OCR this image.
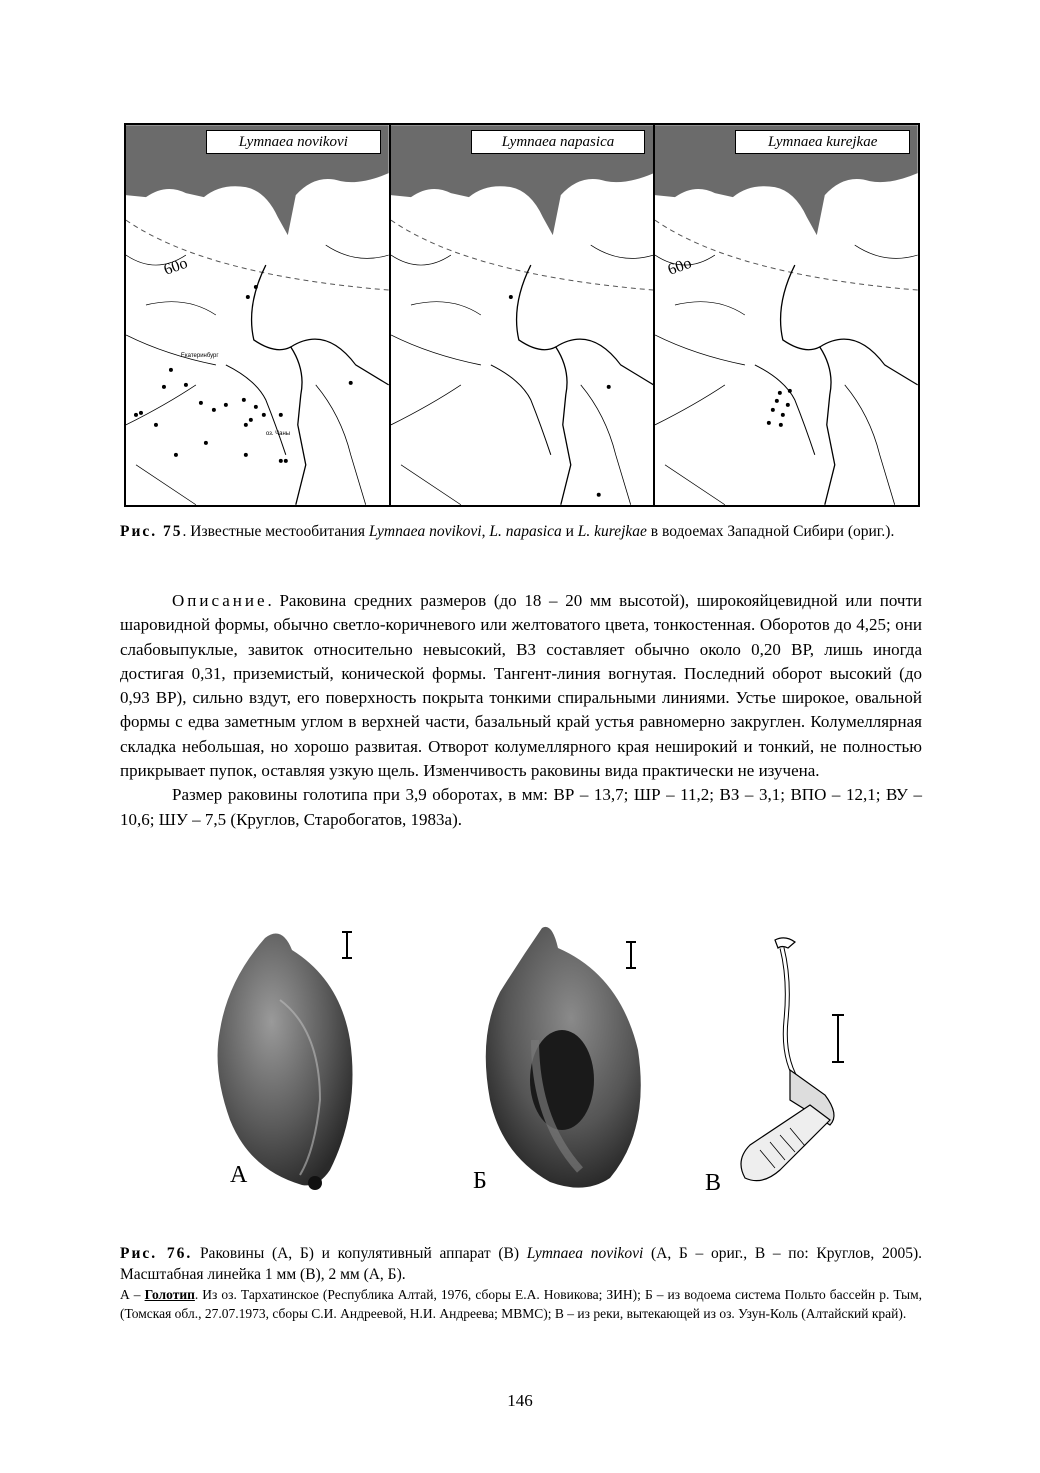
60о
Екатеринбург
оз. Чаны
Lymnaea novikovi	Lymnaea napasica
60о
Lymnaea kurejkae
Рис. 75. Известные местообитания Lymnaea novikovi, L. napasica и L. kurejkae в водоемах Западной Сибири (ориг.).

Описание. Раковина средних размеров (до 18 – 20 мм высотой), широкояйцевидной или почти шаровидной формы, обычно светло-коричневого или желтоватого цвета, тонкостенная. Оборотов до 4,25; они слабовыпуклые, завиток относительно невысокий, ВЗ составляет обычно около 0,20 ВР, лишь иногда достигая 0,31, приземистый, конической формы. Тангент-линия вогнутая. Последний оборот высокий (до 0,93 ВР), сильно вздут, его поверхность покрыта тонкими спиральными линиями. Устье широкое, овальной формы с едва заметным углом в верхней части, базальный край устья равномерно закруглен. Колумеллярная складка небольшая, но хорошо развитая. Отворот колумеллярного края неширокий и тонкий, не полностью прикрывает пупок, оставляя узкую щель. Изменчивость раковины вида практически не изучена.

Размер раковины голотипа при 3,9 оборотах, в мм: ВР – 13,7; ШР – 11,2; ВЗ – 3,1; ВПО – 12,1; ВУ – 10,6; ШУ – 7,5 (Круглов, Старобогатов, 1983а).

А	Б	В
Рис. 76. Раковины (А, Б) и копулятивный аппарат (В) Lymnaea novikovi (А, Б – ориг., В – по: Круглов, 2005). Масштабная линейка 1 мм (В), 2 мм (А, Б).
А – Голотип. Из оз. Тархатинское (Республика Алтай, 1976, сборы Е.А. Новикова; ЗИН); Б – из водоема система Польто бассейн р. Тым, (Томская обл., 27.07.1973, сборы С.И. Андреевой, Н.И. Андреева; МВМС); В – из реки, вытекающей из оз. Узун-Коль (Алтайский край).
146
